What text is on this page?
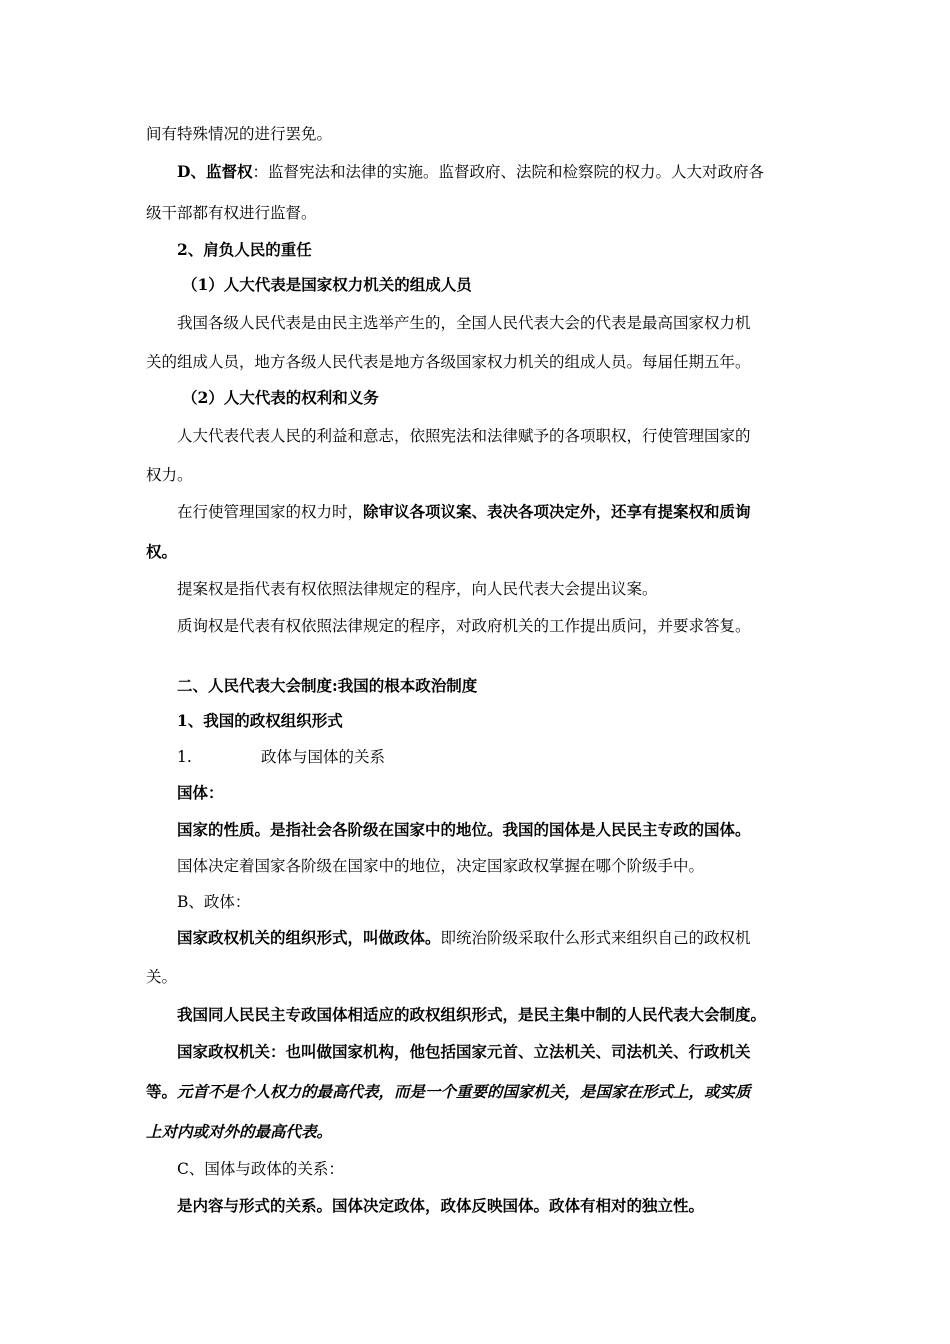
间有特殊情况的进行罢免。
D、监督权：监督宪法和法律的实施。监督政府、法院和检察院的权力。人大对政府各
级干部都有权进行监督。
2、肩负人民的重任
（1）人大代表是国家权力机关的组成人员
我国各级人民代表是由民主选举产生的，全国人民代表大会的代表是最高国家权力机
关的组成人员，地方各级人民代表是地方各级国家权力机关的组成人员。每届任期五年。
（2）人大代表的权利和义务
人大代表代表人民的利益和意志，依照宪法和法律赋予的各项职权，行使管理国家的
权力。
在行使管理国家的权力时，除审议各项议案、表决各项决定外，还享有提案权和质询
权。
提案权是指代表有权依照法律规定的程序，向人民代表大会提出议案。
质询权是代表有权依照法律规定的程序，对政府机关的工作提出质问，并要求答复。
二、人民代表大会制度:我国的根本政治制度
1、我国的政权组织形式
1.	政体与国体的关系
国体：
国家的性质。是指社会各阶级在国家中的地位。我国的国体是人民民主专政的国体。
国体决定着国家各阶级在国家中的地位，决定国家政权掌握在哪个阶级手中。
B、政体：
国家政权机关的组织形式，叫做政体。即统治阶级采取什么形式来组织自己的政权机
关。
我国同人民民主专政国体相适应的政权组织形式，是民主集中制的人民代表大会制度。
国家政权机关：也叫做国家机构，他包括国家元首、立法机关、司法机关、行政机关
等。元首不是个人权力的最高代表，而是一个重要的国家机关，是国家在形式上，或实质
上对内或对外的最高代表。
C、国体与政体的关系：
是内容与形式的关系。国体决定政体，政体反映国体。政体有相对的独立性。
